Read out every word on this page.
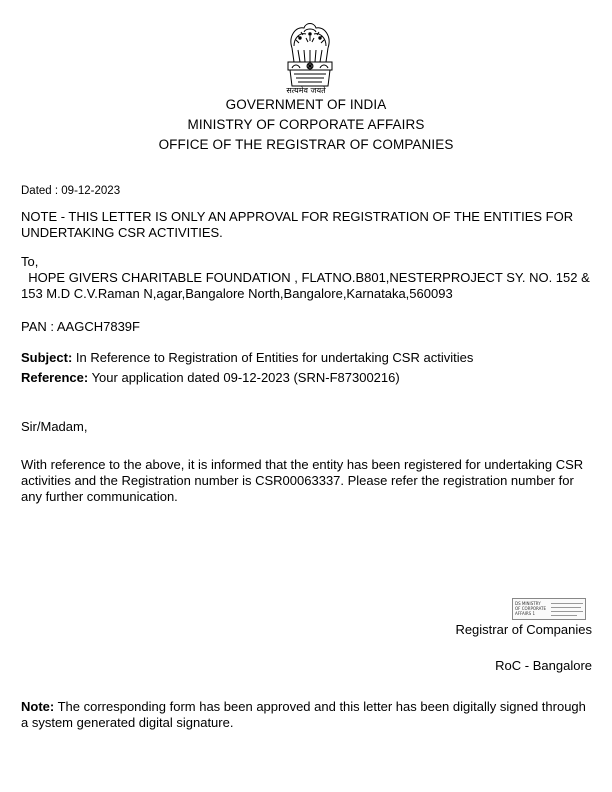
सत्यमेव जयते
GOVERNMENT OF INDIA
MINISTRY OF CORPORATE AFFAIRS
OFFICE OF THE REGISTRAR OF COMPANIES
Dated : 09-12-2023
NOTE - THIS LETTER IS ONLY AN APPROVAL FOR REGISTRATION OF THE ENTITIES FOR UNDERTAKING CSR ACTIVITIES.
To,
HOPE GIVERS CHARITABLE FOUNDATION , FLATNO.B801,NESTERPROJECT SY. NO. 152 & 153 M.D C.V.Raman N,agar,Bangalore North,Bangalore,Karnataka,560093
PAN : AAGCH7839F
Subject: In Reference to Registration of Entities for undertaking CSR activities
Reference: Your application dated 09-12-2023 (SRN-F87300216)
Sir/Madam,
With reference to the above, it is informed that the entity has been registered for undertaking CSR activities and the Registration number is CSR00063337. Please refer the registration number for any further communication.
DS MINISTRY OF CORPORATE AFFAIRS 1
Registrar of Companies
RoC - Bangalore
Note: The corresponding form has been approved and this letter has been digitally signed through a system generated digital signature.
